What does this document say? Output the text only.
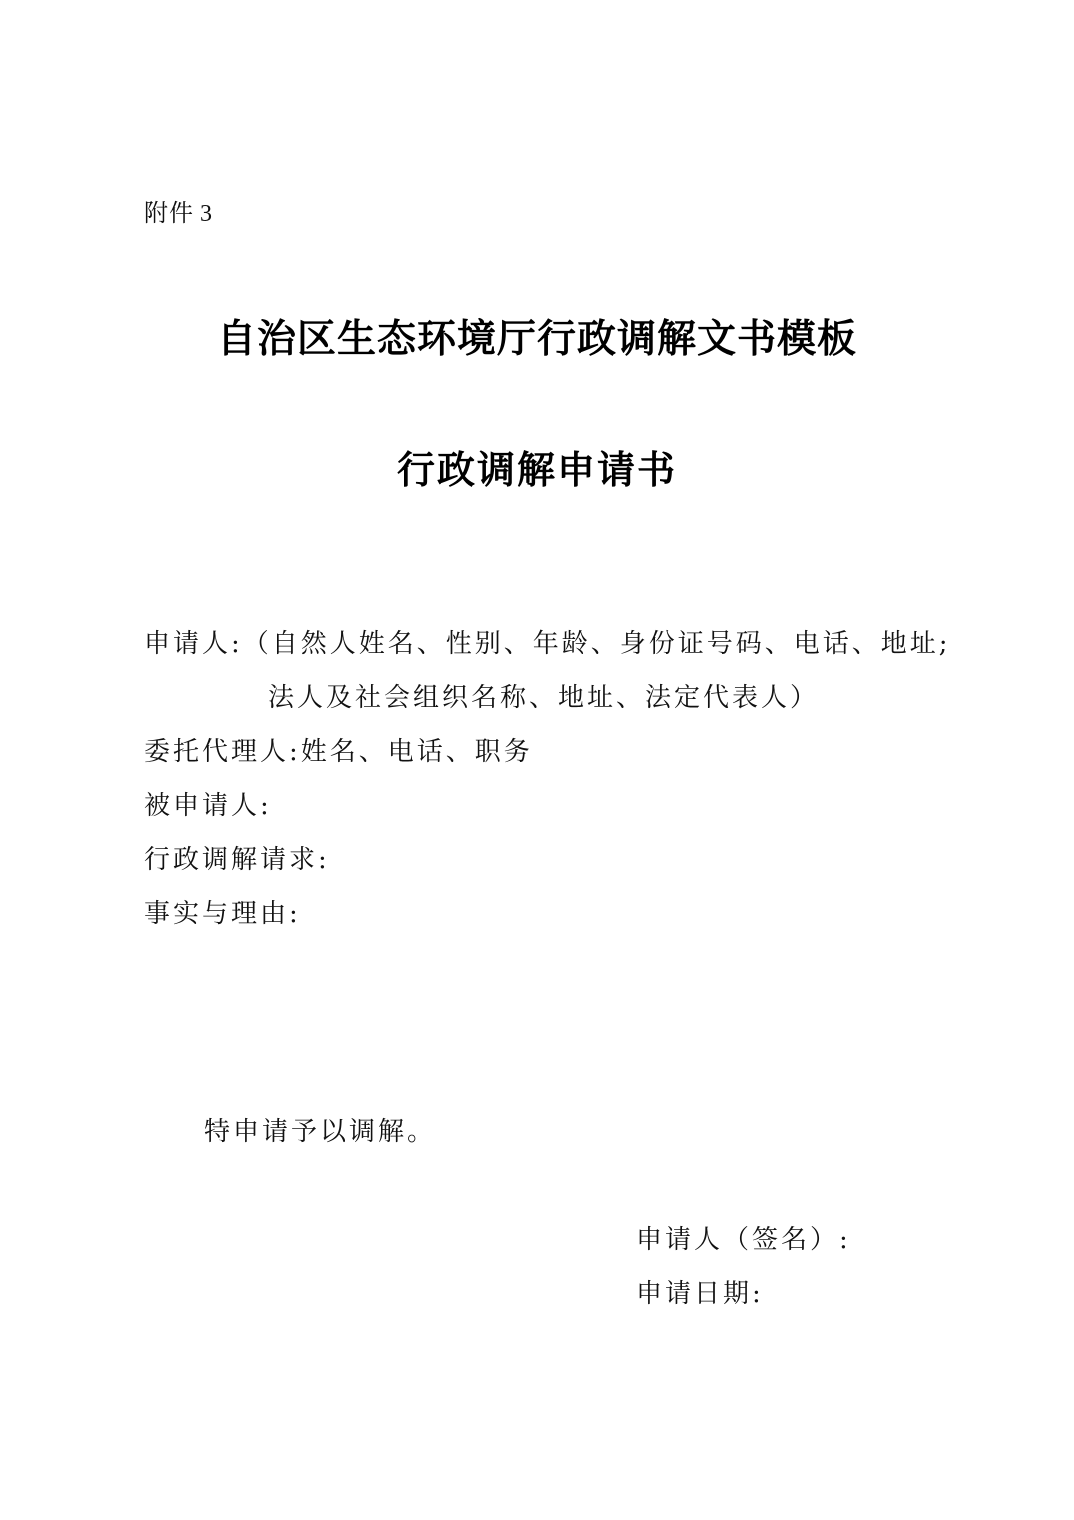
附件 3
自治区生态环境厅行政调解文书模板
行政调解申请书
申请人:（自然人姓名、性别、年龄、身份证号码、电话、地址;
法人及社会组织名称、地址、法定代表人）
委托代理人:姓名、电话、职务
被申请人:
行政调解请求:
事实与理由:
特申请予以调解。
申请人（签名）:
申请日期:
